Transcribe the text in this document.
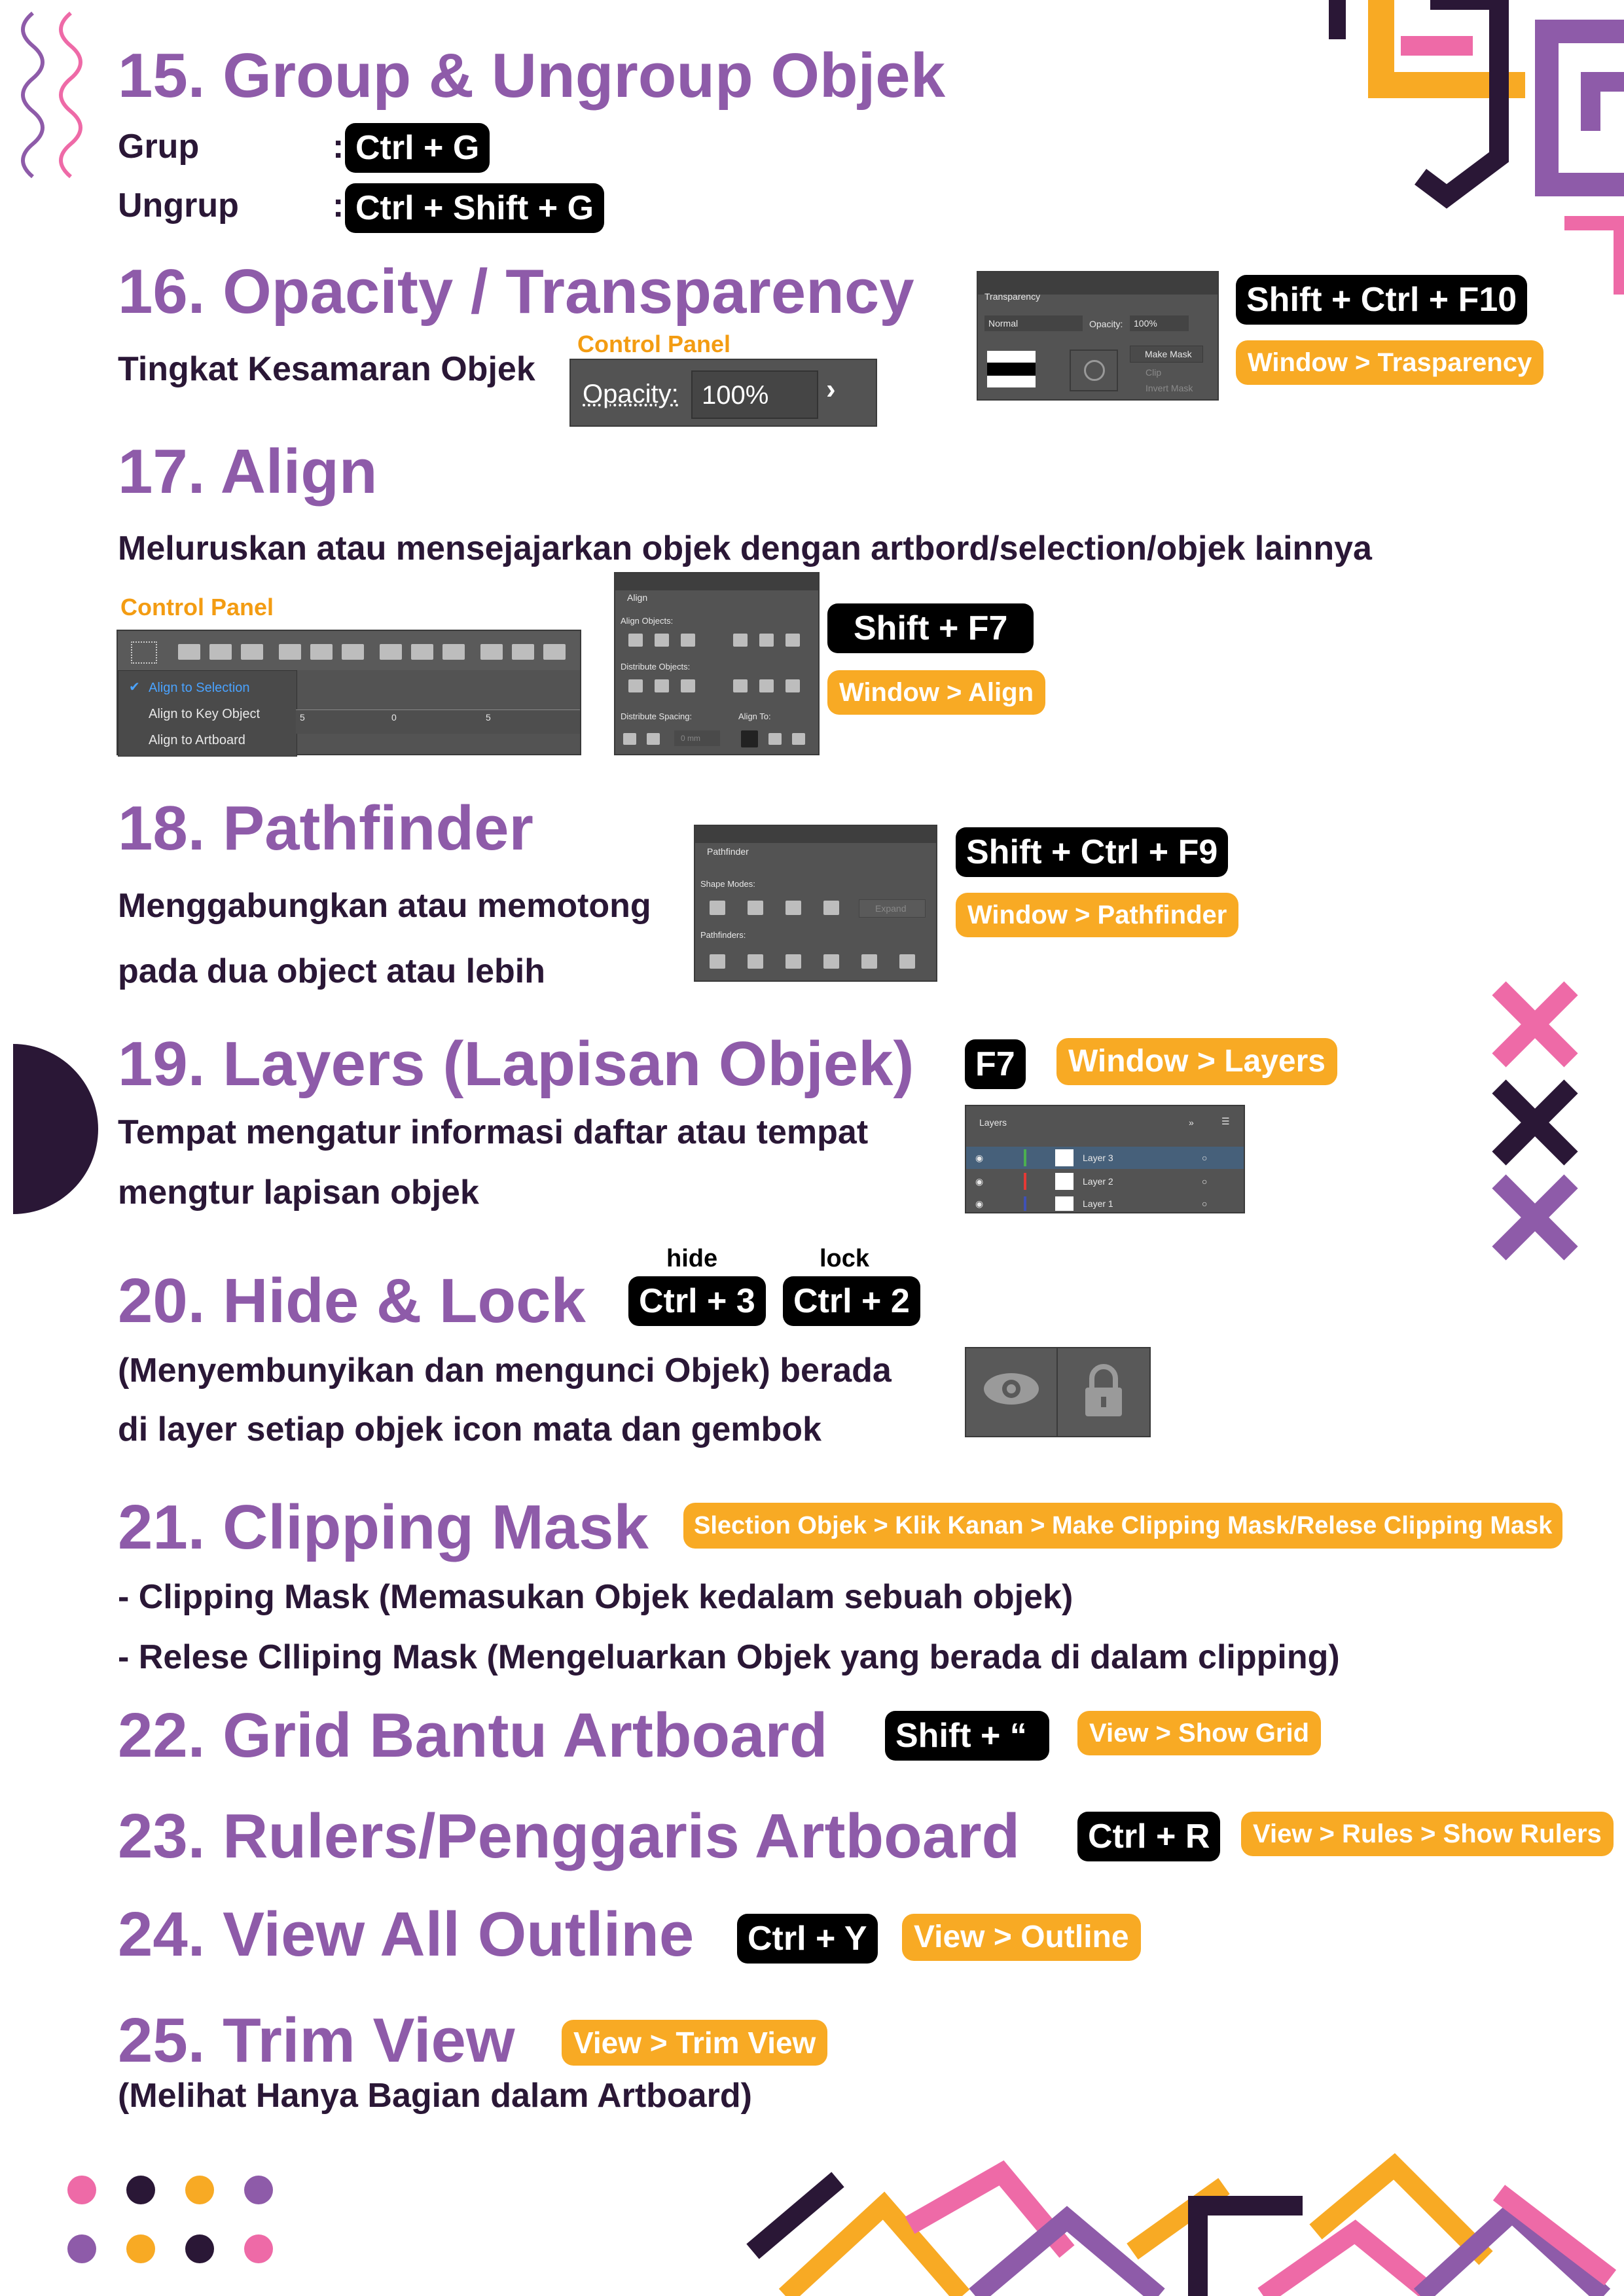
15. Group & Ungroup Objek
Grup	: Ctrl + G
Ungrup	: Ctrl + Shift + G
16. Opacity / Transparency
Tingkat Kesamaran Objek
Control Panel
Opacity: 100% ›
Transparency
Normal	Opacity: 100%
Make Mask
Clip
Invert Mask
Shift + Ctrl + F10
Window > Trasparency
17. Align
Meluruskan atau mensejajarkan objek dengan artbord/selection/objek lainnya
Control Panel
✔ Align to Selection
Align to Key Object
Align to Artboard
5	0	5
Align
Align Objects:
Distribute Objects:
Distribute Spacing:	Align To:
0 mm
Shift + F7
Window > Align
18. Pathfinder
Menggabungkan atau memotong
pada dua object atau lebih
Pathfinder
Shape Modes:
Expand
Pathfinders:
Shift + Ctrl + F9
Window > Pathfinder
19. Layers (Lapisan Objek)	F7	Window > Layers
Tempat mengatur informasi daftar atau tempat
mengtur lapisan objek
Layers	»	☰
◉	Layer 3	○
◉	Layer 2	○
◉	Layer 1	○
20. Hide & Lock
hide
Ctrl + 3
lock
Ctrl + 2
(Menyembunyikan dan mengunci Objek) berada
di layer setiap objek icon mata dan gembok
21. Clipping Mask	Slection Objek > Klik Kanan > Make Clipping Mask/Relese Clipping Mask
- Clipping Mask (Memasukan Objek kedalam sebuah objek)
- Relese Clliping Mask (Mengeluarkan Objek yang berada di dalam clipping)
22. Grid Bantu Artboard	Shift + “	View > Show Grid
23. Rulers/Penggaris Artboard	Ctrl + R	View > Rules > Show Rulers
24. View All Outline	Ctrl + Y	View > Outline
25. Trim View	View > Trim View
(Melihat Hanya Bagian dalam Artboard)
